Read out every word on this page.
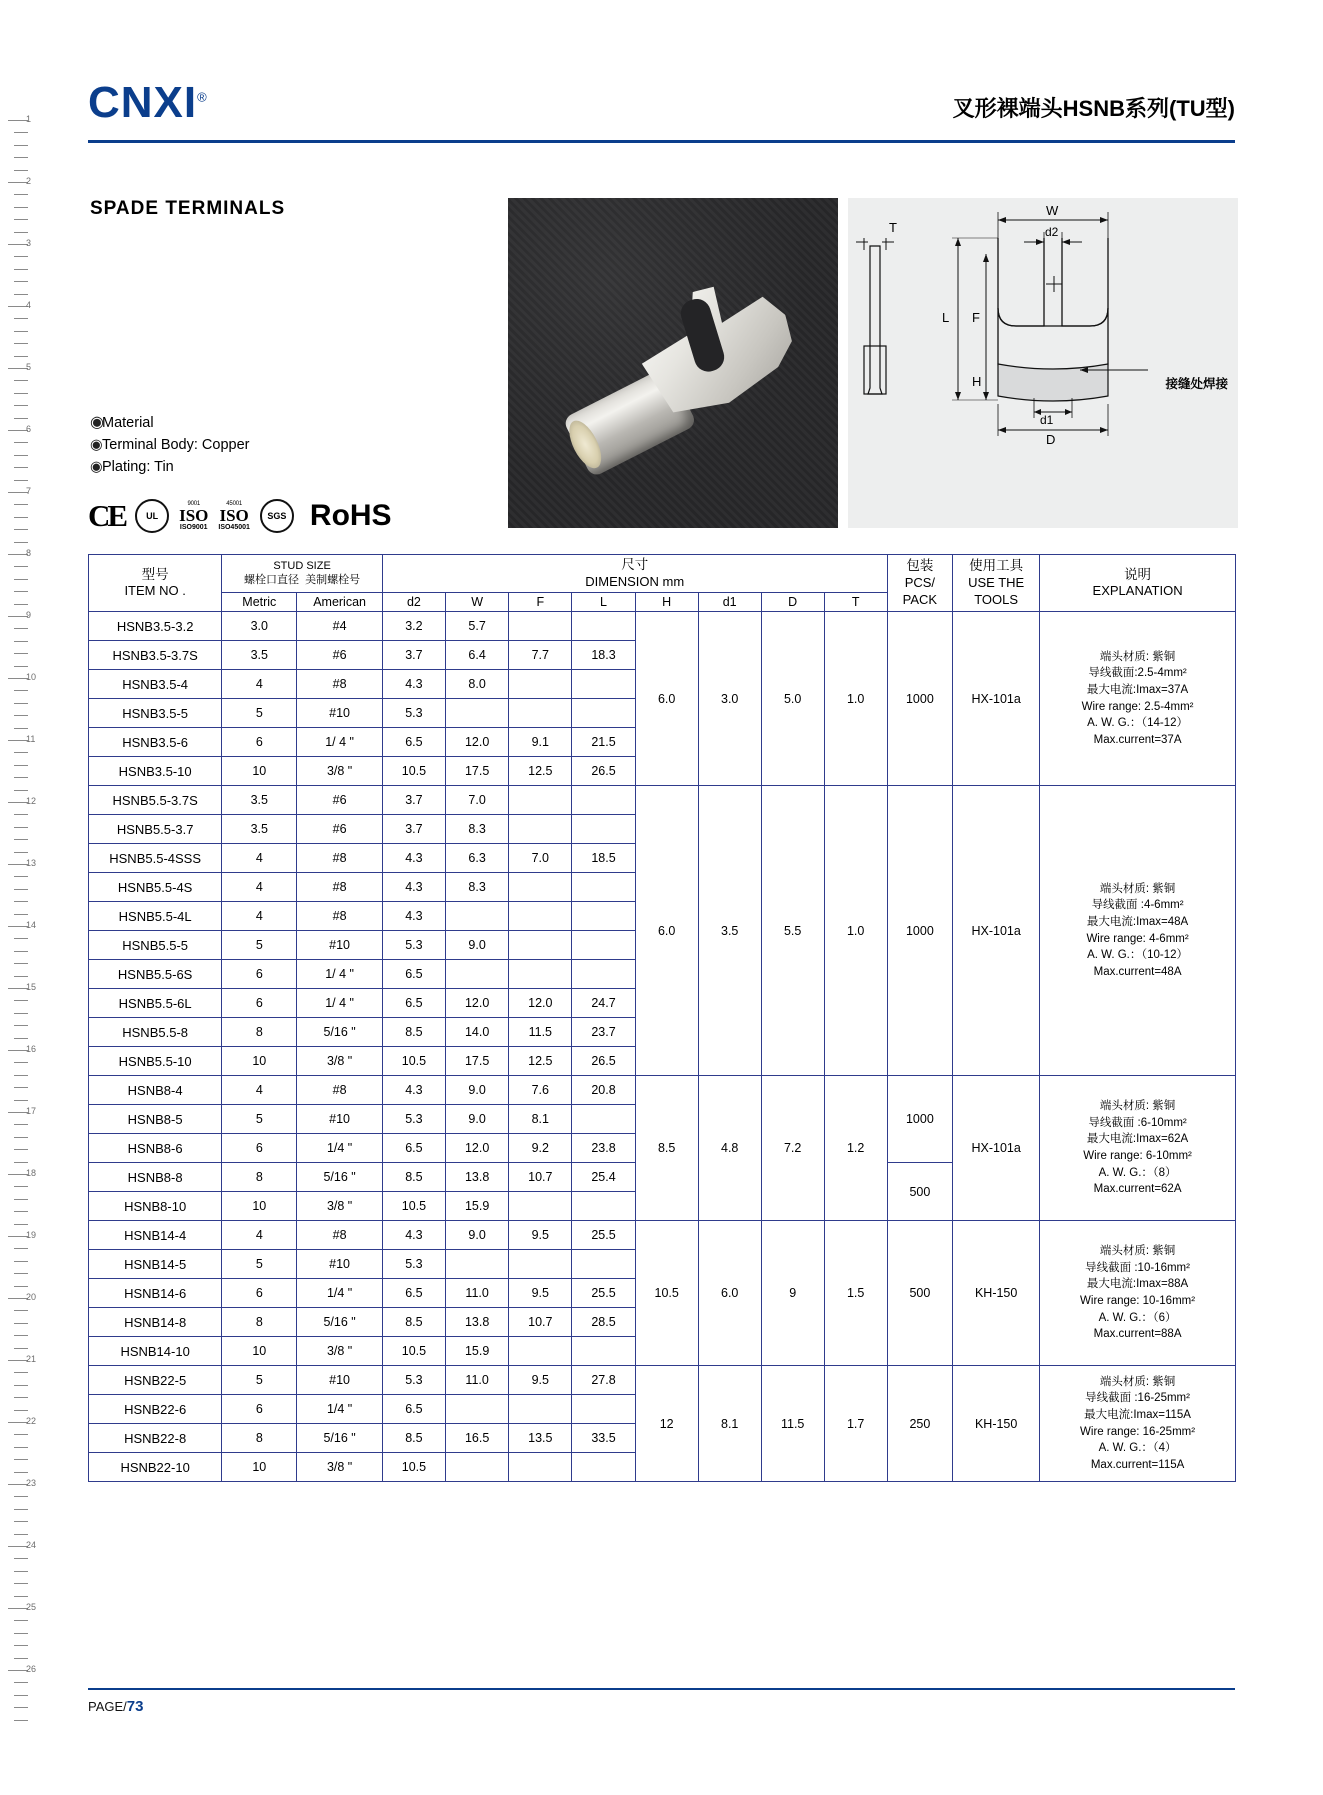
1
2
3
4
5
6
7
8
9
10
11
12
13
14
15
16
17
18
19
20
21
22
23
24
25
26
CNXI®	叉形裸端头HSNB系列(TU型)
SPADE TERMINALS
◉Material
◉Terminal Body: Copper
◉Plating: Tin
CE	UL
9001
ISO
ISO9001
45001
ISO
ISO45001
SGS RoHS
T
W
d2
L F
H
D
d1
接缝处焊接
型号
ITEM NO .

STUD SIZE
螺栓口直径 美制螺栓号

尺寸
DIMENSION mm

包装
PCS/
PACK

使用工具
USE THE
TOOLS

说明
EXPLANATION

	Metric	American	d2	W	F	L	H	d1	D	T			
HSNB3.5-3.2	3.0	#4	3.2	5.7			6.0	3.0	5.0	1.0	1000	HX-101a	
端头材质: 紫铜
导线截面:2.5-4mm²
最大电流:Imax=37A
Wire range: 2.5-4mm²
A. W. G.：（14-12）
Max.current=37A

HSNB3.5-3.7S	3.5	#6	3.7	6.4	7.7	18.3							
HSNB3.5-4	4	#8	4.3	8.0									
HSNB3.5-5	5	#10	5.3										
HSNB3.5-6	6	1/ 4 "	6.5	12.0	9.1	21.5							
HSNB3.5-10	10	3/8 "	10.5	17.5	12.5	26.5							
HSNB5.5-3.7S	3.5	#6	3.7	7.0			6.0	3.5	5.5	1.0	1000	HX-101a	
端头材质: 紫铜
导线截面 :4-6mm²
最大电流:Imax=48A
Wire range: 4-6mm²
A. W. G.：（10-12）
Max.current=48A

HSNB5.5-3.7	3.5	#6	3.7	8.3									
HSNB5.5-4SSS	4	#8	4.3	6.3	7.0	18.5							
HSNB5.5-4S	4	#8	4.3	8.3									
HSNB5.5-4L	4	#8	4.3										
HSNB5.5-5	5	#10	5.3	9.0									
HSNB5.5-6S	6	1/ 4 "	6.5										
HSNB5.5-6L	6	1/ 4 "	6.5	12.0	12.0	24.7							
HSNB5.5-8	8	5/16 "	8.5	14.0	11.5	23.7							
HSNB5.5-10	10	3/8 "	10.5	17.5	12.5	26.5							
HSNB8-4	4	#8	4.3	9.0	7.6	20.8	8.5	4.8	7.2	1.2	1000	HX-101a	
端头材质: 紫铜
导线截面 :6-10mm²
最大电流:Imax=62A
Wire range: 6-10mm²
A. W. G.：（8）
Max.current=62A

HSNB8-5	5	#10	5.3	9.0	8.1								
HSNB8-6	6	1/4 "	6.5	12.0	9.2	23.8							
HSNB8-8	8	5/16 "	8.5	13.8	10.7	25.4					500		
HSNB8-10	10	3/8 "	10.5	15.9									
HSNB14-4	4	#8	4.3	9.0	9.5	25.5	10.5	6.0	9	1.5	500	KH-150	
端头材质: 紫铜
导线截面 :10-16mm²
最大电流:Imax=88A
Wire range: 10-16mm²
A. W. G.：（6）
Max.current=88A

HSNB14-5	5	#10	5.3										
HSNB14-6	6	1/4 "	6.5	11.0	9.5	25.5							
HSNB14-8	8	5/16 "	8.5	13.8	10.7	28.5							
HSNB14-10	10	3/8 "	10.5	15.9									
HSNB22-5	5	#10	5.3	11.0	9.5	27.8	12	8.1	11.5	1.7	250	KH-150	
端头材质: 紫铜
导线截面 :16-25mm²
最大电流:Imax=115A
Wire range: 16-25mm²
A. W. G.：（4）
Max.current=115A

HSNB22-6	6	1/4 "	6.5										
HSNB22-8	8	5/16 "	8.5	16.5	13.5	33.5							
HSNB22-10	10	3/8 "	10.5										
PAGE/73
